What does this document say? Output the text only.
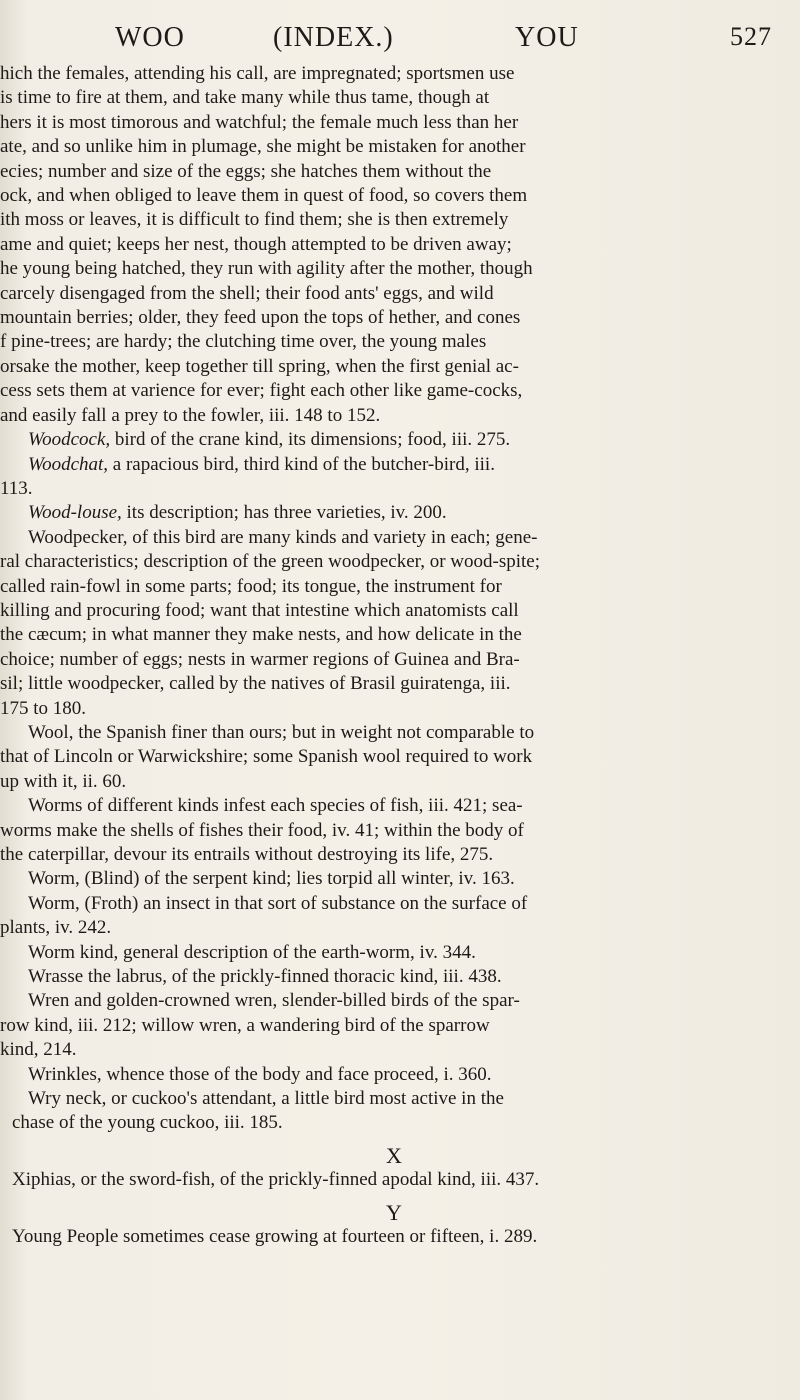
WOO	(INDEX.)	YOU	527
hich the females, attending his call, are impregnated; sportsmen use
is time to fire at them, and take many while thus tame, though at
hers it is most timorous and watchful; the female much less than her
ate, and so unlike him in plumage, she might be mistaken for another
ecies; number and size of the eggs; she hatches them without the
ock, and when obliged to leave them in quest of food, so covers them
ith moss or leaves, it is difficult to find them; she is then extremely
ame and quiet; keeps her nest, though attempted to be driven away;
he young being hatched, they run with agility after the mother, though
carcely disengaged from the shell; their food ants' eggs, and wild
mountain berries; older, they feed upon the tops of hether, and cones
f pine-trees; are hardy; the clutching time over, the young males
orsake the mother, keep together till spring, when the first genial ac-
cess sets them at varience for ever; fight each other like game-cocks,
and easily fall a prey to the fowler, iii. 148 to 152.
Woodcock, bird of the crane kind, its dimensions; food, iii. 275.
Woodchat, a rapacious bird, third kind of the butcher-bird, iii.
113.
Wood-louse, its description; has three varieties, iv. 200.
Woodpecker, of this bird are many kinds and variety in each; gene-
ral characteristics; description of the green woodpecker, or wood-spite;
called rain-fowl in some parts; food; its tongue, the instrument for
killing and procuring food; want that intestine which anatomists call
the cæcum; in what manner they make nests, and how delicate in the
choice; number of eggs; nests in warmer regions of Guinea and Bra-
sil; little woodpecker, called by the natives of Brasil guiratenga, iii.
175 to 180.
Wool, the Spanish finer than ours; but in weight not comparable to
that of Lincoln or Warwickshire; some Spanish wool required to work
up with it, ii. 60.
Worms of different kinds infest each species of fish, iii. 421; sea-
worms make the shells of fishes their food, iv. 41; within the body of
the caterpillar, devour its entrails without destroying its life, 275.
Worm, (Blind) of the serpent kind; lies torpid all winter, iv. 163.
Worm, (Froth) an insect in that sort of substance on the surface of
plants, iv. 242.
Worm kind, general description of the earth-worm, iv. 344.
Wrasse the labrus, of the prickly-finned thoracic kind, iii. 438.
Wren and golden-crowned wren, slender-billed birds of the spar-
row kind, iii. 212; willow wren, a wandering bird of the sparrow
kind, 214.
Wrinkles, whence those of the body and face proceed, i. 360.
Wry neck, or cuckoo's attendant, a little bird most active in the
chase of the young cuckoo, iii. 185.
X
Xiphias, or the sword-fish, of the prickly-finned apodal kind, iii. 437.
Y
Young People sometimes cease growing at fourteen or fifteen, i. 289.
